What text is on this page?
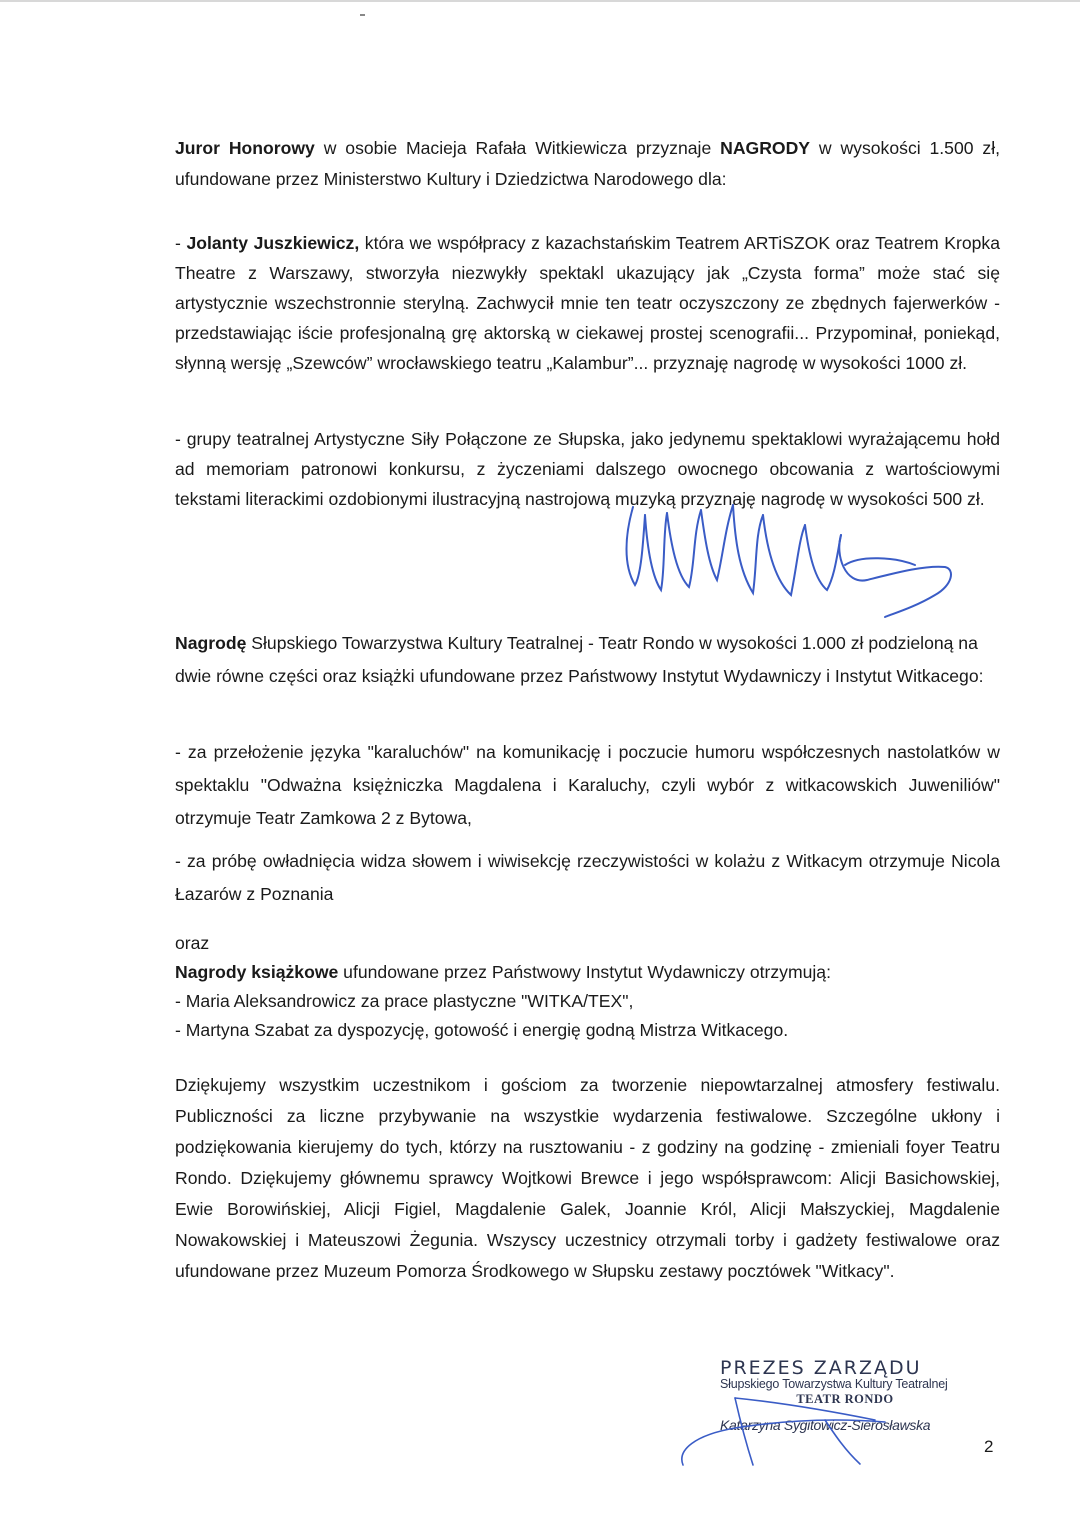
Juror Honorowy w osobie Macieja Rafała Witkiewicza przyznaje NAGRODY w wysokości 1.500 zł, ufundowane przez Ministerstwo Kultury i Dziedzictwa Narodowego dla:
- Jolanty Juszkiewicz, która we współpracy z kazachstańskim Teatrem ARTiSZOK oraz Teatrem Kropka Theatre z Warszawy, stworzyła niezwykły spektakl ukazujący jak „Czysta forma” może stać się artystycznie wszechstronnie sterylną. Zachwycił mnie ten teatr oczyszczony ze zbędnych fajerwerków - przedstawiając iście profesjonalną grę aktorską w ciekawej prostej scenografii... Przypominał, poniekąd, słynną wersję „Szewców” wrocławskiego teatru „Kalambur”... przyznaję nagrodę w wysokości 1000 zł.
- grupy teatralnej Artystyczne Siły Połączone ze Słupska, jako jedynemu spektaklowi wyrażającemu hołd ad memoriam patronowi konkursu, z życzeniami dalszego owocnego obcowania z wartościowymi tekstami literackimi ozdobionymi ilustracyjną nastrojową muzyką przyznaję nagrodę w wysokości 500 zł.
Nagrodę Słupskiego Towarzystwa Kultury Teatralnej - Teatr Rondo w wysokości 1.000 zł podzieloną na dwie równe części oraz książki ufundowane przez Państwowy Instytut Wydawniczy i Instytut Witkacego:
- za przełożenie języka "karaluchów" na komunikację i poczucie humoru współczesnych nastolatków w spektaklu "Odważna księżniczka Magdalena i Karaluchy, czyli wybór z witkacowskich Juweniliów" otrzymuje Teatr Zamkowa 2 z Bytowa,
- za próbę owładnięcia widza słowem i wiwisekcję rzeczywistości w kolażu z Witkacym otrzymuje Nicola Łazarów z Poznania
oraz
Nagrody książkowe ufundowane przez Państwowy Instytut Wydawniczy otrzymują:
- Maria Aleksandrowicz za prace plastyczne "WITKA/TEX",
- Martyna Szabat za dyspozycję, gotowość i energię godną Mistrza Witkacego.
Dziękujemy wszystkim uczestnikom i gościom za tworzenie niepowtarzalnej atmosfery festiwalu. Publiczności za liczne przybywanie na wszystkie wydarzenia festiwalowe. Szczególne ukłony i podziękowania kierujemy do tych, którzy na rusztowaniu - z godziny na godzinę - zmieniali foyer Teatru Rondo. Dziękujemy głównemu sprawcy Wojtkowi Brewce i jego współsprawcom: Alicji Basichowskiej, Ewie Borowińskiej, Alicji Figiel, Magdalenie Galek, Joannie Król, Alicji Małszyckiej, Magdalenie Nowakowskiej i Mateuszowi Żegunia. Wszyscy uczestnicy otrzymali torby i gadżety festiwalowe oraz ufundowane przez Muzeum Pomorza Środkowego w Słupsku zestawy pocztówek "Witkacy".
PREZES ZARZĄDU
Słupskiego Towarzystwa Kultury Teatralnej
TEATR RONDO
Katarzyna Sygitowicz-Sierosławska
2
